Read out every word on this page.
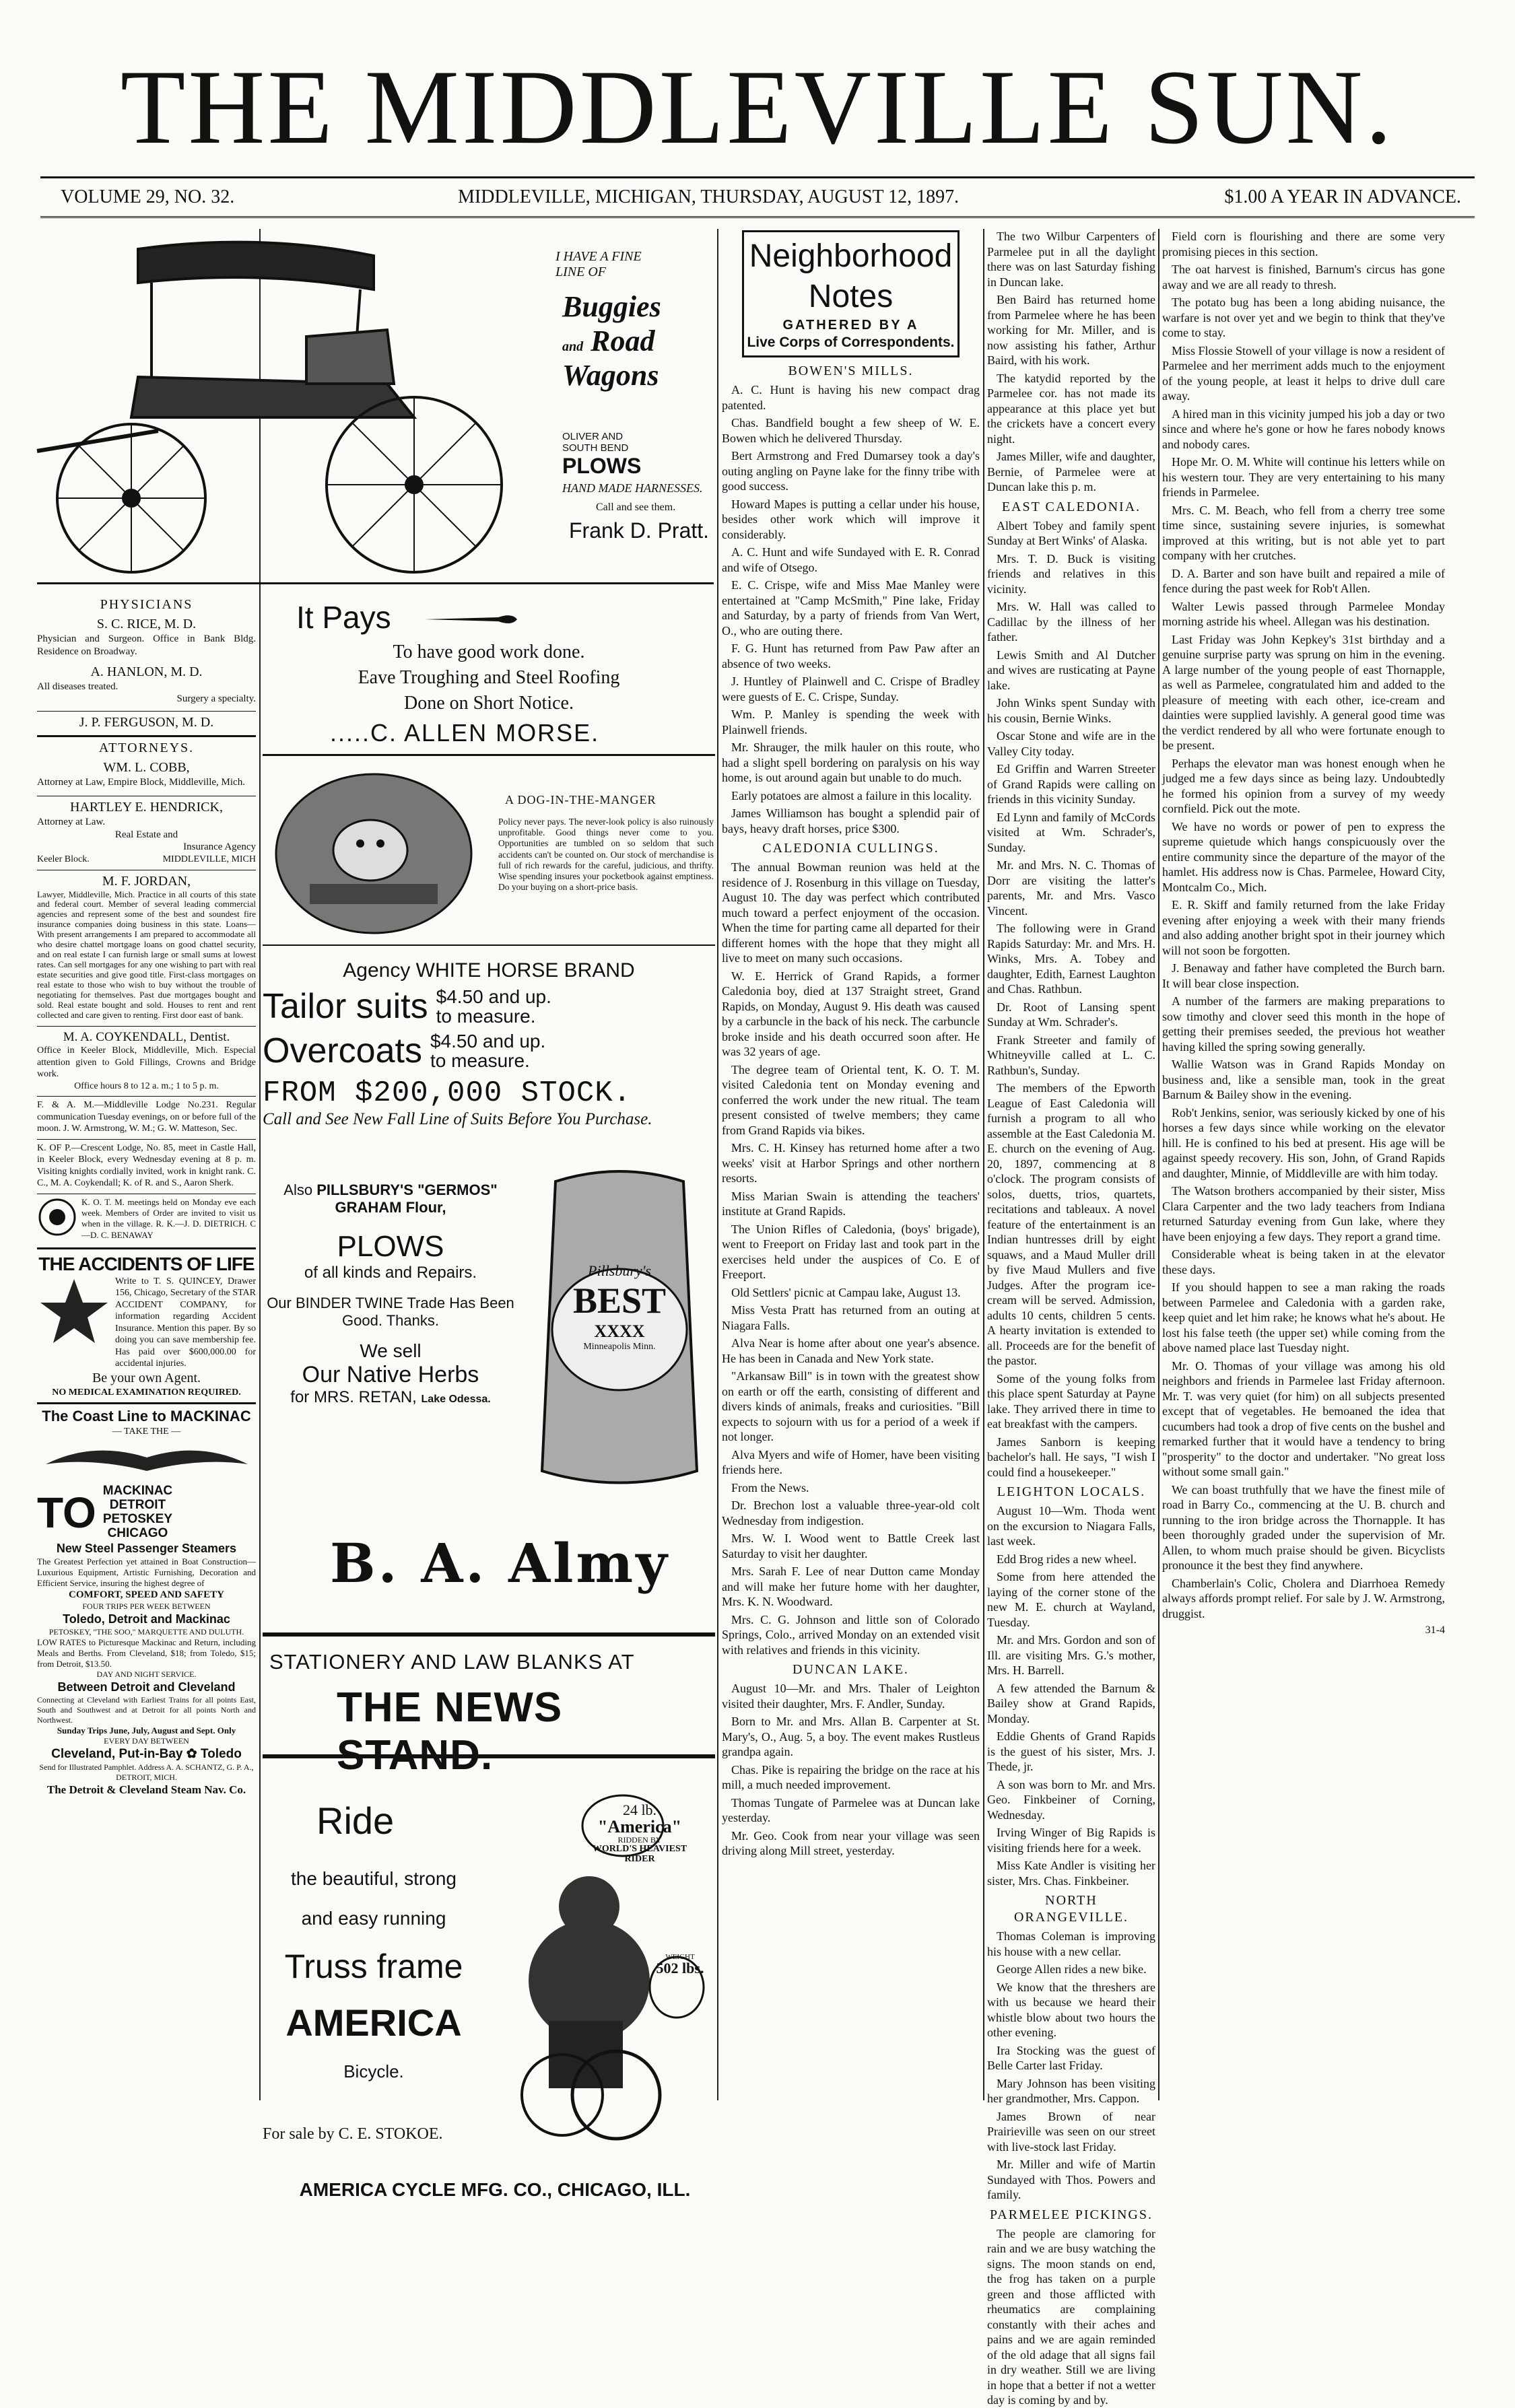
THE MIDDLEVILLE SUN.
VOLUME 29, NO. 32.	MIDDLEVILLE, MICHIGAN, THURSDAY, AUGUST 12, 1897.	$1.00 A YEAR IN ADVANCE.
I HAVE A FINE
LINE OF
Buggies
and Road
Wagons
OLIVER AND SOUTH BEND PLOWS
HAND MADE HARNESSES.
Call and see them.
Frank D. Pratt.
PHYSICIANS
S. C. RICE, M. D.
Physician and Surgeon. Office in Bank Bldg. Residence on Broadway.
A. HANLON, M. D.
All diseases treated.
Surgery a specialty.
J. P. FERGUSON, M. D.
ATTORNEYS.
WM. L. COBB,
Attorney at Law, Empire Block, Middleville, Mich.
HARTLEY E. HENDRICK,
Attorney at Law.
Real Estate and
Insurance Agency
Keeler Block.	MIDDLEVILLE, MICH
M. F. JORDAN,
Lawyer, Middleville, Mich. Practice in all courts of this state and federal court. Member of several leading commercial agencies and represent some of the best and soundest fire insurance companies doing business in this state. Loans—With present arrangements I am prepared to accommodate all who desire chattel mortgage loans on good chattel security, and on real estate I can furnish large or small sums at lowest rates. Can sell mortgages for any one wishing to part with real estate securities and give good title. First-class mortgages on real estate to those who wish to buy without the trouble of negotiating for themselves. Past due mortgages bought and sold. Real estate bought and sold. Houses to rent and rent collected and care given to renting. First door east of bank.
M. A. COYKENDALL, Dentist.
Office in Keeler Block, Middleville, Mich. Especial attention given to Gold Fillings, Crowns and Bridge work.
Office hours 8 to 12 a. m.; 1 to 5 p. m.
F. & A. M.—Middleville Lodge No.231. Regular communication Tuesday evenings, on or before full of the moon. J. W. Armstrong, W. M.; G. W. Matteson, Sec.
K. OF P.—Crescent Lodge, No. 85, meet in Castle Hall, in Keeler Block, every Wednesday evening at 8 p. m. Visiting knights cordially invited, work in knight rank. C. C., M. A. Coykendall; K. of R. and S., Aaron Sherk.
K. O. T. M. meetings held on Monday eve each week. Members of Order are invited to visit us when in the village. R. K.—J. D. DIETRICH. C—D. C. BENAWAY
THE ACCIDENTS OF LIFE
Write to T. S. QUINCEY, Drawer 156, Chicago, Secretary of the STAR ACCIDENT COMPANY, for information regarding Accident Insurance. Mention this paper. By so doing you can save membership fee. Has paid over $600,000.00 for accidental injuries.
Be your own Agent.
NO MEDICAL EXAMINATION REQUIRED.
The Coast Line to MACKINAC
— TAKE THE —
TO MACKINAC
DETROIT
PETOSKEY
CHICAGO
New Steel Passenger Steamers
The Greatest Perfection yet attained in Boat Construction—Luxurious Equipment, Artistic Furnishing, Decoration and Efficient Service, insuring the highest degree of
COMFORT, SPEED AND SAFETY
FOUR TRIPS PER WEEK BETWEEN
Toledo, Detroit and Mackinac
PETOSKEY, "THE SOO," MARQUETTE AND DULUTH.
LOW RATES to Picturesque Mackinac and Return, including Meals and Berths. From Cleveland, $18; from Toledo, $15; from Detroit, $13.50.
DAY AND NIGHT SERVICE.
Between Detroit and Cleveland
Connecting at Cleveland with Earliest Trains for all points East, South and Southwest and at Detroit for all points North and Northwest.
Sunday Trips June, July, August and Sept. Only
EVERY DAY BETWEEN
Cleveland, Put-in-Bay ✿ Toledo
Send for Illustrated Pamphlet. Address A. A. SCHANTZ, G. P. A., DETROIT, MICH.
The Detroit & Cleveland Steam Nav. Co.
It Pays
To have good work done.
Eave Troughing and Steel Roofing
Done on Short Notice.
.....C. ALLEN MORSE.
A DOG-IN-THE-MANGER
Policy never pays. The never-look policy is also ruinously unprofitable. Good things never come to you. Opportunities are tumbled on so seldom that such accidents can't be counted on. Our stock of merchandise is full of rich rewards for the careful, judicious, and thrifty. Wise spending insures your pocketbook against emptiness. Do your buying on a short-price basis.
Agency WHITE HORSE BRAND
Tailor suits $4.50 and up.
to measure.
Overcoats $4.50 and up.
to measure.
FROM $200,000 STOCK.
Call and See New Fall Line of Suits Before You Purchase.
Also PILLSBURY'S "GERMOS"
GRAHAM Flour,
PLOWS
of all kinds and Repairs.
Our BINDER TWINE Trade Has Been Good. Thanks.
We sell
Our Native Herbs
for MRS. RETAN, Lake Odessa.
Pillsbury's
BEST
XXXX
Minneapolis Minn.
B. A. Almy
STATIONERY AND LAW BLANKS AT
THE NEWS STAND.
Ride
the beautiful, strong
and easy running
Truss frame
AMERICA
Bicycle.
For sale by C. E. STOKOE.
24 lb.
"America"
RIDDEN BY
WORLD'S HEAVIEST RIDER
WEIGHT
502 lbs.
AMERICA CYCLE MFG. CO., CHICAGO, ILL.
Neighborhood Notes
GATHERED BY A
Live Corps of Correspondents.
BOWEN'S MILLS.

A. C. Hunt is having his new compact drag patented.

Chas. Bandfield bought a few sheep of W. E. Bowen which he delivered Thursday.

Bert Armstrong and Fred Dumarsey took a day's outing angling on Payne lake for the finny tribe with good success.

Howard Mapes is putting a cellar under his house, besides other work which will improve it considerably.

A. C. Hunt and wife Sundayed with E. R. Conrad and wife of Otsego.

E. C. Crispe, wife and Miss Mae Manley were entertained at "Camp McSmith," Pine lake, Friday and Saturday, by a party of friends from Van Wert, O., who are outing there.

F. G. Hunt has returned from Paw Paw after an absence of two weeks.

J. Huntley of Plainwell and C. Crispe of Bradley were guests of E. C. Crispe, Sunday.

Wm. P. Manley is spending the week with Plainwell friends.

Mr. Shrauger, the milk hauler on this route, who had a slight spell bordering on paralysis on his way home, is out around again but unable to do much.

Early potatoes are almost a failure in this locality.

James Williamson has bought a splendid pair of bays, heavy draft horses, price $300.

CALEDONIA CULLINGS.

The annual Bowman reunion was held at the residence of J. Rosenburg in this village on Tuesday, August 10. The day was perfect which contributed much toward a perfect enjoyment of the occasion. When the time for parting came all departed for their different homes with the hope that they might all live to meet on many such occasions.

W. E. Herrick of Grand Rapids, a former Caledonia boy, died at 137 Straight street, Grand Rapids, on Monday, August 9. His death was caused by a carbuncle in the back of his neck. The carbuncle broke inside and his death occurred soon after. He was 32 years of age.

The degree team of Oriental tent, K. O. T. M. visited Caledonia tent on Monday evening and conferred the work under the new ritual. The team present consisted of twelve members; they came from Grand Rapids via bikes.

Mrs. C. H. Kinsey has returned home after a two weeks' visit at Harbor Springs and other northern resorts.

Miss Marian Swain is attending the teachers' institute at Grand Rapids.

The Union Rifles of Caledonia, (boys' brigade), went to Freeport on Friday last and took part in the exercises held under the auspices of Co. E of Freeport.

Old Settlers' picnic at Campau lake, August 13.

Miss Vesta Pratt has returned from an outing at Niagara Falls.

Alva Near is home after about one year's absence. He has been in Canada and New York state.

"Arkansaw Bill" is in town with the greatest show on earth or off the earth, consisting of different and divers kinds of animals, freaks and curiosities. "Bill expects to sojourn with us for a period of a week if not longer.

Alva Myers and wife of Homer, have been visiting friends here.

From the News.

Dr. Brechon lost a valuable three-year-old colt Wednesday from indigestion.

Mrs. W. I. Wood went to Battle Creek last Saturday to visit her daughter.

Mrs. Sarah F. Lee of near Dutton came Monday and will make her future home with her daughter, Mrs. K. N. Woodward.

Mrs. C. G. Johnson and little son of Colorado Springs, Colo., arrived Monday on an extended visit with relatives and friends in this vicinity.

DUNCAN LAKE.

August 10—Mr. and Mrs. Thaler of Leighton visited their daughter, Mrs. F. Andler, Sunday.

Born to Mr. and Mrs. Allan B. Carpenter at St. Mary's, O., Aug. 5, a boy. The event makes Rustleus grandpa again.

Chas. Pike is repairing the bridge on the race at his mill, a much needed improvement.

Thomas Tungate of Parmelee was at Duncan lake yesterday.

Mr. Geo. Cook from near your village was seen driving along Mill street, yesterday.

The two Wilbur Carpenters of Parmelee put in all the daylight there was on last Saturday fishing in Duncan lake.

Ben Baird has returned home from Parmelee where he has been working for Mr. Miller, and is now assisting his father, Arthur Baird, with his work.

The katydid reported by the Parmelee cor. has not made its appearance at this place yet but the crickets have a concert every night.

James Miller, wife and daughter, Bernie, of Parmelee were at Duncan lake this p. m.

EAST CALEDONIA.

Albert Tobey and family spent Sunday at Bert Winks' of Alaska.

Mrs. T. D. Buck is visiting friends and relatives in this vicinity.

Mrs. W. Hall was called to Cadillac by the illness of her father.

Lewis Smith and Al Dutcher and wives are rusticating at Payne lake.

John Winks spent Sunday with his cousin, Bernie Winks.

Oscar Stone and wife are in the Valley City today.

Ed Griffin and Warren Streeter of Grand Rapids were calling on friends in this vicinity Sunday.

Ed Lynn and family of McCords visited at Wm. Schrader's, Sunday.

Mr. and Mrs. N. C. Thomas of Dorr are visiting the latter's parents, Mr. and Mrs. Vasco Vincent.

The following were in Grand Rapids Saturday: Mr. and Mrs. H. Winks, Mrs. A. Tobey and daughter, Edith, Earnest Laughton and Chas. Rathbun.

Dr. Root of Lansing spent Sunday at Wm. Schrader's.

Frank Streeter and family of Whitneyville called at L. C. Rathbun's, Sunday.

The members of the Epworth League of East Caledonia will furnish a program to all who assemble at the East Caledonia M. E. church on the evening of Aug. 20, 1897, commencing at 8 o'clock. The program consists of solos, duetts, trios, quartets, recitations and tableaux. A novel feature of the entertainment is an Indian huntresses drill by eight squaws, and a Maud Muller drill by five Maud Mullers and five Judges. After the program ice-cream will be served. Admission, adults 10 cents, children 5 cents. A hearty invitation is extended to all. Proceeds are for the benefit of the pastor.

Some of the young folks from this place spent Saturday at Payne lake. They arrived there in time to eat breakfast with the campers.

James Sanborn is keeping bachelor's hall. He says, "I wish I could find a housekeeper."

LEIGHTON LOCALS.

August 10—Wm. Thoda went on the excursion to Niagara Falls, last week.

Edd Brog rides a new wheel.

Some from here attended the laying of the corner stone of the new M. E. church at Wayland, Tuesday.

Mr. and Mrs. Gordon and son of Ill. are visiting Mrs. G.'s mother, Mrs. H. Barrell.

A few attended the Barnum & Bailey show at Grand Rapids, Monday.

Eddie Ghents of Grand Rapids is the guest of his sister, Mrs. J. Thede, jr.

A son was born to Mr. and Mrs. Geo. Finkbeiner of Corning, Wednesday.

Irving Winger of Big Rapids is visiting friends here for a week.

Miss Kate Andler is visiting her sister, Mrs. Chas. Finkbeiner.

NORTH ORANGEVILLE.

Thomas Coleman is improving his house with a new cellar.

George Allen rides a new bike.

We know that the threshers are with us because we heard their whistle blow about two hours the other evening.

Ira Stocking was the guest of Belle Carter last Friday.

Mary Johnson has been visiting her grandmother, Mrs. Cappon.

James Brown of near Prairieville was seen on our street with live-stock last Friday.

Mr. Miller and wife of Martin Sundayed with Thos. Powers and family.

PARMELEE PICKINGS.

The people are clamoring for rain and we are busy watching the signs. The moon stands on end, the frog has taken on a purple green and those afflicted with rheumatics are complaining constantly with their aches and pains and we are again reminded of the old adage that all signs fail in dry weather. Still we are living in hope that a better if not a wetter day is coming by and by.

Field corn is flourishing and there are some very promising pieces in this section.

The oat harvest is finished, Barnum's circus has gone away and we are all ready to thresh.

The potato bug has been a long abiding nuisance, the warfare is not over yet and we begin to think that they've come to stay.

Miss Flossie Stowell of your village is now a resident of Parmelee and her merriment adds much to the enjoyment of the young people, at least it helps to drive dull care away.

A hired man in this vicinity jumped his job a day or two since and where he's gone or how he fares nobody knows and nobody cares.

Hope Mr. O. M. White will continue his letters while on his western tour. They are very entertaining to his many friends in Parmelee.

Mrs. C. M. Beach, who fell from a cherry tree some time since, sustaining severe injuries, is somewhat improved at this writing, but is not able yet to part company with her crutches.

D. A. Barter and son have built and repaired a mile of fence during the past week for Rob't Allen.

Walter Lewis passed through Parmelee Monday morning astride his wheel. Allegan was his destination.

Last Friday was John Kepkey's 31st birthday and a genuine surprise party was sprung on him in the evening. A large number of the young people of east Thornapple, as well as Parmelee, congratulated him and added to the pleasure of meeting with each other, ice-cream and dainties were supplied lavishly. A general good time was the verdict rendered by all who were fortunate enough to be present.

Perhaps the elevator man was honest enough when he judged me a few days since as being lazy. Undoubtedly he formed his opinion from a survey of my weedy cornfield. Pick out the mote.

We have no words or power of pen to express the supreme quietude which hangs conspicuously over the entire community since the departure of the mayor of the hamlet. His address now is Chas. Parmelee, Howard City, Montcalm Co., Mich.

E. R. Skiff and family returned from the lake Friday evening after enjoying a week with their many friends and also adding another bright spot in their journey which will not soon be forgotten.

J. Benaway and father have completed the Burch barn. It will bear close inspection.

A number of the farmers are making preparations to sow timothy and clover seed this month in the hope of getting their premises seeded, the previous hot weather having killed the spring sowing generally.

Wallie Watson was in Grand Rapids Monday on business and, like a sensible man, took in the great Barnum & Bailey show in the evening.

Rob't Jenkins, senior, was seriously kicked by one of his horses a few days since while working on the elevator hill. He is confined to his bed at present. His age will be against speedy recovery. His son, John, of Grand Rapids and daughter, Minnie, of Middleville are with him today.

The Watson brothers accompanied by their sister, Miss Clara Carpenter and the two lady teachers from Indiana returned Saturday evening from Gun lake, where they have been enjoying a few days. They report a grand time.

Considerable wheat is being taken in at the elevator these days.

If you should happen to see a man raking the roads between Parmelee and Caledonia with a garden rake, keep quiet and let him rake; he knows what he's about. He lost his false teeth (the upper set) while coming from the above named place last Tuesday night.

Mr. O. Thomas of your village was among his old neighbors and friends in Parmelee last Friday afternoon. Mr. T. was very quiet (for him) on all subjects presented except that of vegetables. He bemoaned the idea that cucumbers had took a drop of five cents on the bushel and remarked further that it would have a tendency to bring "prosperity" to the doctor and undertaker. "No great loss without some small gain."

We can boast truthfully that we have the finest mile of road in Barry Co., commencing at the U. B. church and running to the iron bridge across the Thornapple. It has been thoroughly graded under the supervision of Mr. Allen, to whom much praise should be given. Bicyclists pronounce it the best they find anywhere.

Chamberlain's Colic, Cholera and Diarrhoea Remedy always affords prompt relief. For sale by J. W. Armstrong, druggist.

31-4
